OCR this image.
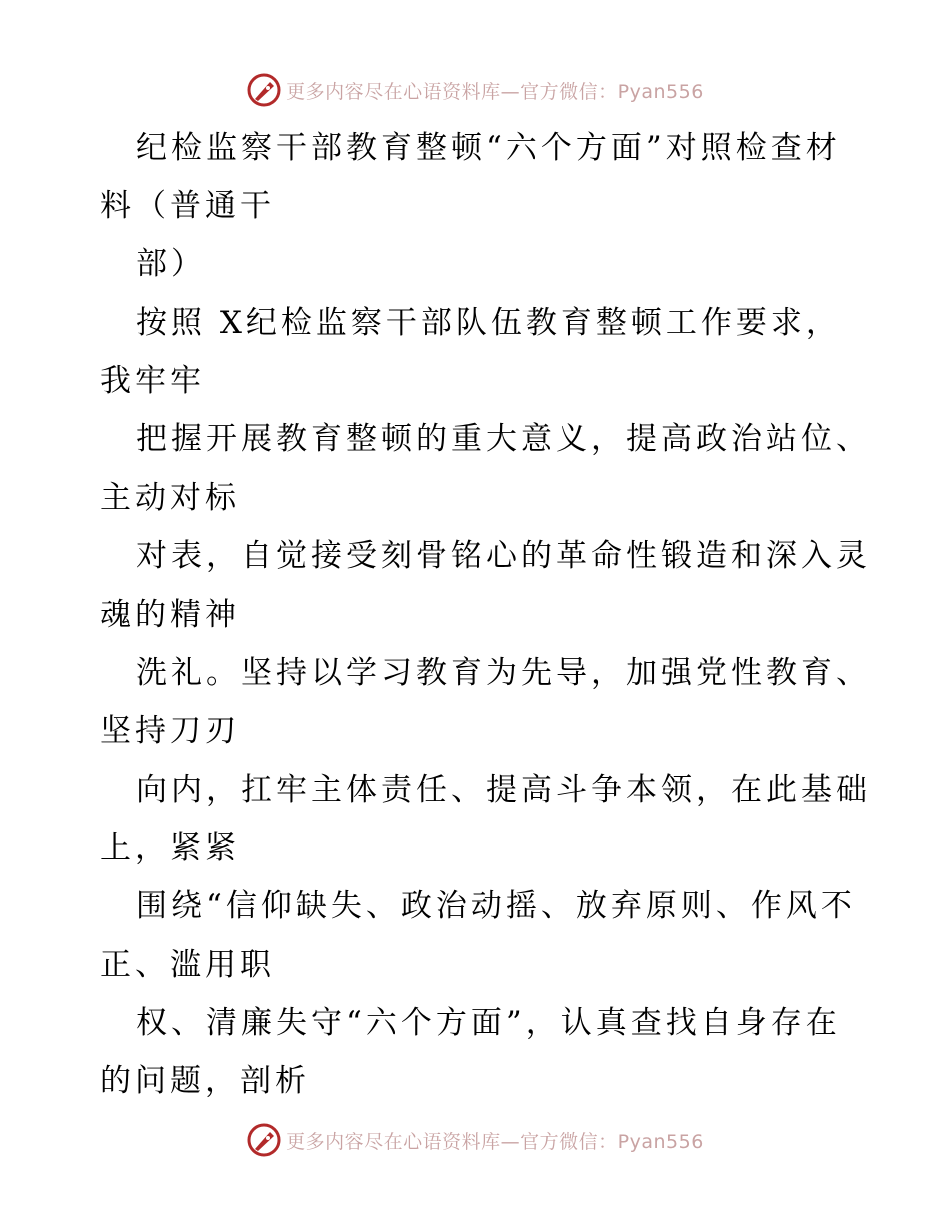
更多内容尽在心语资料库—官方微信：Pyan556
纪检监察干部教育整顿“六个方面”对照检查材
料（普通干
部）
按照 X纪检监察干部队伍教育整顿工作要求，
我牢牢
把握开展教育整顿的重大意义，提高政治站位、
主动对标
对表，自觉接受刻骨铭心的革命性锻造和深入灵
魂的精神
洗礼。坚持以学习教育为先导，加强党性教育、
坚持刀刃
向内，扛牢主体责任、提高斗争本领，在此基础
上，紧紧
围绕“信仰缺失、政治动摇、放弃原则、作风不
正、滥用职
权、清廉失守“六个方面”，认真查找自身存在
的问题，剖析
更多内容尽在心语资料库—官方微信：Pyan556
